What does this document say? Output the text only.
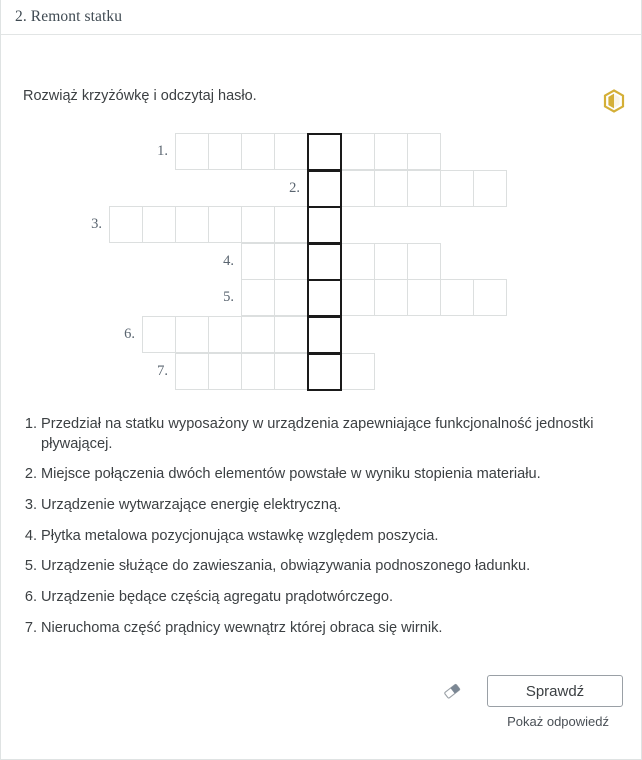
2. Remont statku
Rozwiąż krzyżówkę i odczytaj hasło.
1.
2.
3.
4.
5.
6.
7.
Przedział na statku wyposażony w urządzenia zapewniające funkcjonalność jednostki pływającej.
Miejsce połączenia dwóch elementów powstałe w wyniku stopienia materiału.
Urządzenie wytwarzające energię elektryczną.
Płytka metalowa pozycjonująca wstawkę względem poszycia.
Urządzenie służące do zawieszania, obwiązywania podnoszonego ładunku.
Urządzenie będące częścią agregatu prądotwórczego.
Nieruchoma część prądnicy wewnątrz której obraca się wirnik.
Sprawdź
Pokaż odpowiedź
